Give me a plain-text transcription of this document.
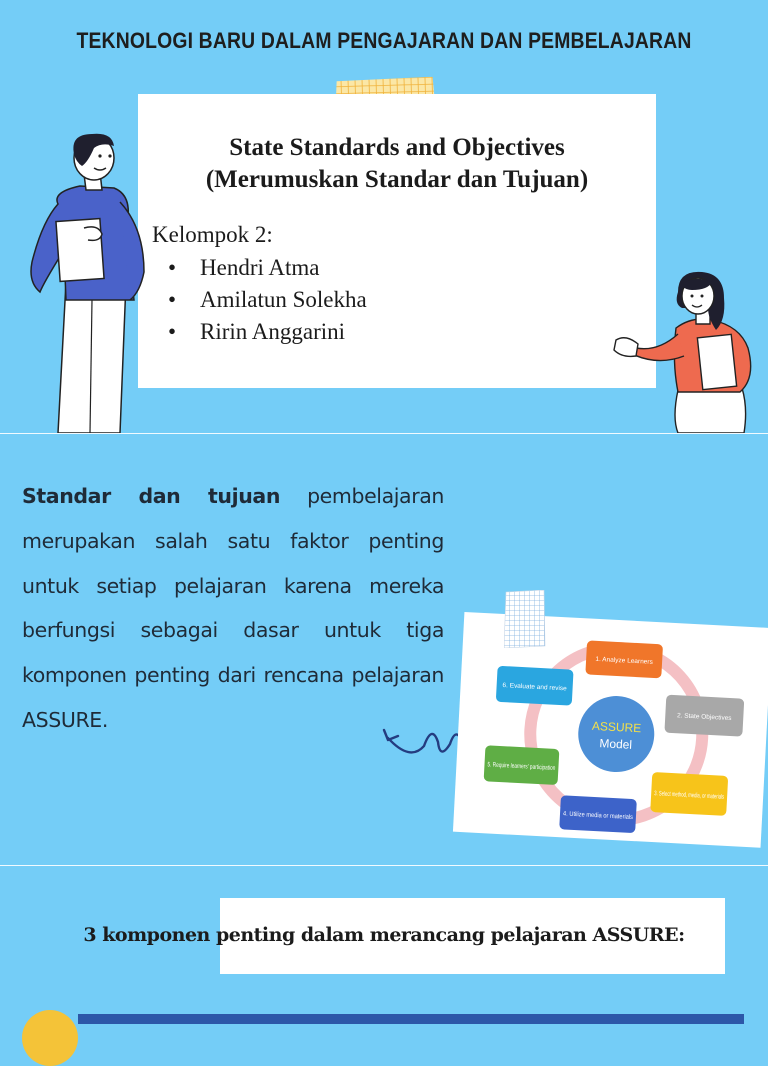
TEKNOLOGI BARU DALAM PENGAJARAN DAN PEMBELAJARAN
State Standards and Objectives
(Merumuskan Standar dan Tujuan)
Kelompok 2:
• Hendri Atma
• Amilatun Solekha
• Ririn Anggarini
Standar dan tujuan pembelajaran merupakan salah satu faktor penting untuk setiap pelajaran karena mereka berfungsi sebagai dasar untuk tiga komponen penting dari rencana pelajaran ASSURE.	ASSURE
Model
1. Analyze Learners
2. State Objectives
3. Select method, media, or materials
4. Utilize media or materials
5. Require learners' participation
6. Evaluate and revise
3 komponen penting dalam merancang pelajaran ASSURE:
